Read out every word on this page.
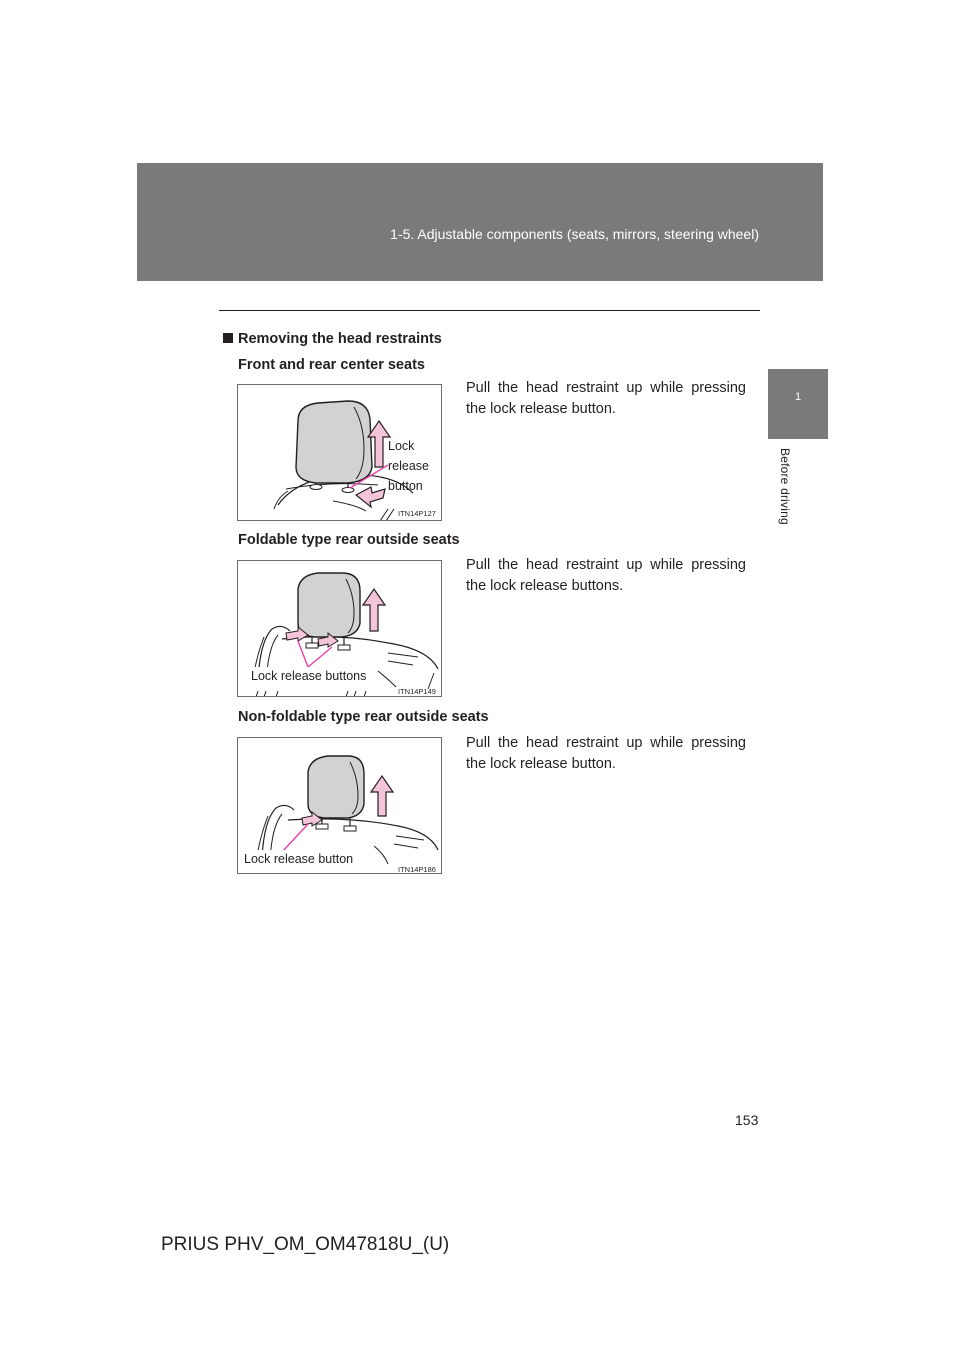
1-5. Adjustable components (seats, mirrors, steering wheel)
1
Before driving
Removing the head restraints
Front and rear center seats
Pull the head restraint up while pressing the lock release button.
Lock
release
button
ITN14P127
Foldable type rear outside seats
Pull the head restraint up while pressing the lock release buttons.
Lock release buttons
ITN14P149
Non-foldable type rear outside seats
Pull the head restraint up while pressing the lock release button.
Lock release button
ITN14P186
153
PRIUS PHV_OM_OM47818U_(U)
